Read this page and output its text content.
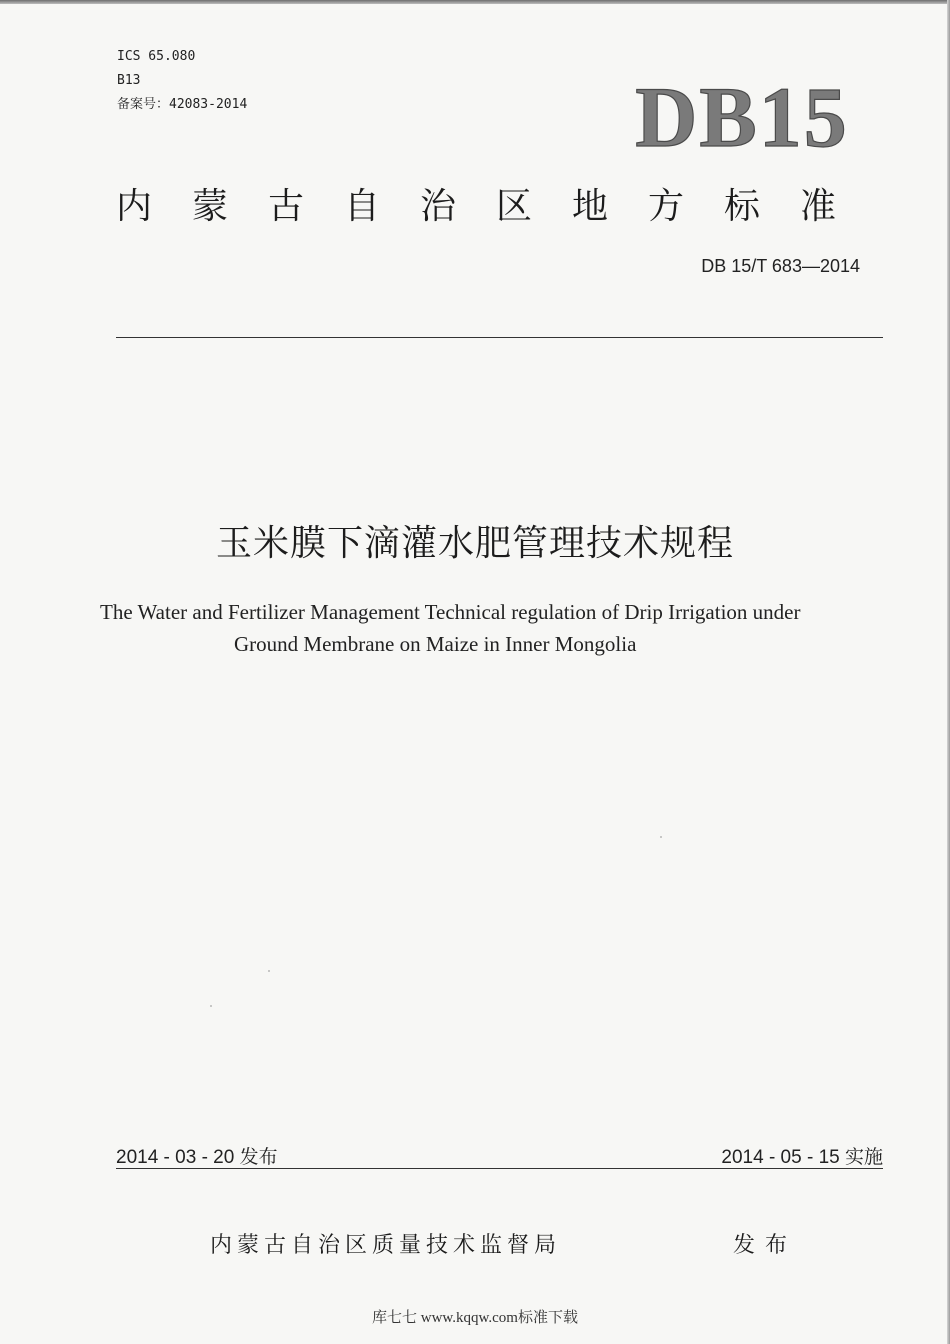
ICS 65.080
B13
备案号：42083-2014	DB15
内蒙古自治区地方标准
DB 15/T 683—2014
玉米膜下滴灌水肥管理技术规程
The Water and Fertilizer Management Technical regulation of Drip Irrigation under
Ground Membrane on Maize in Inner Mongolia
2014 - 03 - 20 发布	2014 - 05 - 15 实施
内蒙古自治区质量技术监督局	发布
库七七 www.kqqw.com标准下载
